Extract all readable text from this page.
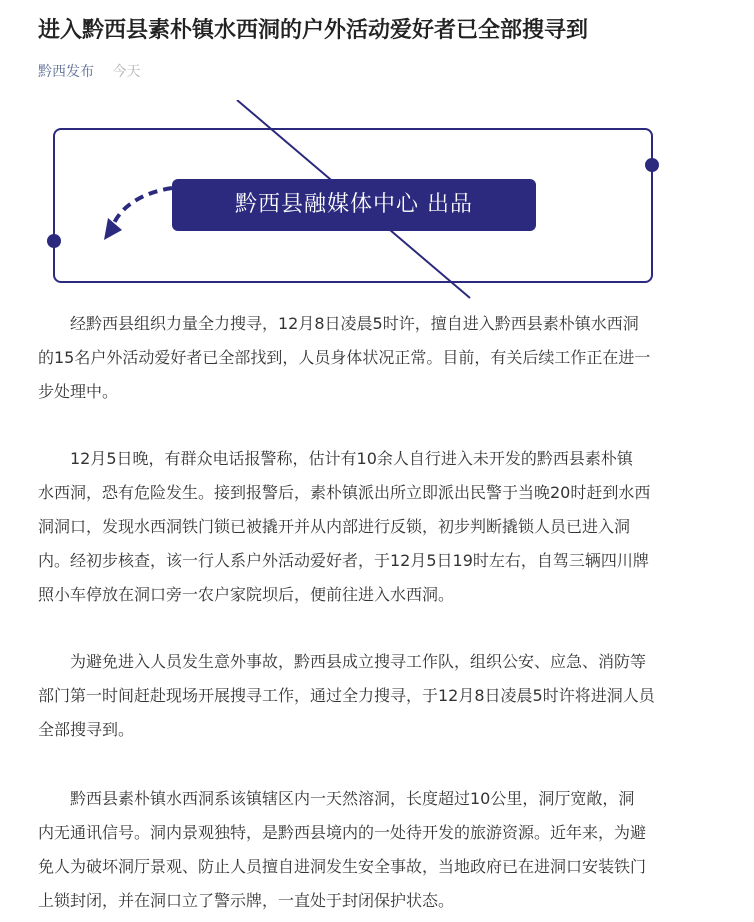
进入黔西县素朴镇水西洞的户外活动爱好者已全部搜寻到
黔西发布 今天
黔西县融媒体中心 出品
　　经黔西县组织力量全力搜寻，12月8日凌晨5时许，擅自进入黔西县素朴镇水西洞
的15名户外活动爱好者已全部找到，人员身体状况正常。目前，有关后续工作正在进一
步处理中。
　　12月5日晚，有群众电话报警称，估计有10余人自行进入未开发的黔西县素朴镇
水西洞，恐有危险发生。接到报警后，素朴镇派出所立即派出民警于当晚20时赶到水西
洞洞口，发现水西洞铁门锁已被撬开并从内部进行反锁，初步判断撬锁人员已进入洞
内。经初步核查，该一行人系户外活动爱好者，于12月5日19时左右，自驾三辆四川牌
照小车停放在洞口旁一农户家院坝后，便前往进入水西洞。
　　为避免进入人员发生意外事故，黔西县成立搜寻工作队，组织公安、应急、消防等
部门第一时间赶赴现场开展搜寻工作，通过全力搜寻，于12月8日凌晨5时许将进洞人员
全部搜寻到。
　　黔西县素朴镇水西洞系该镇辖区内一天然溶洞，长度超过10公里，洞厅宽敞，洞
内无通讯信号。洞内景观独特，是黔西县境内的一处待开发的旅游资源。近年来，为避
免人为破坏洞厅景观、防止人员擅自进洞发生安全事故，当地政府已在进洞口安装铁门
上锁封闭，并在洞口立了警示牌，一直处于封闭保护状态。
